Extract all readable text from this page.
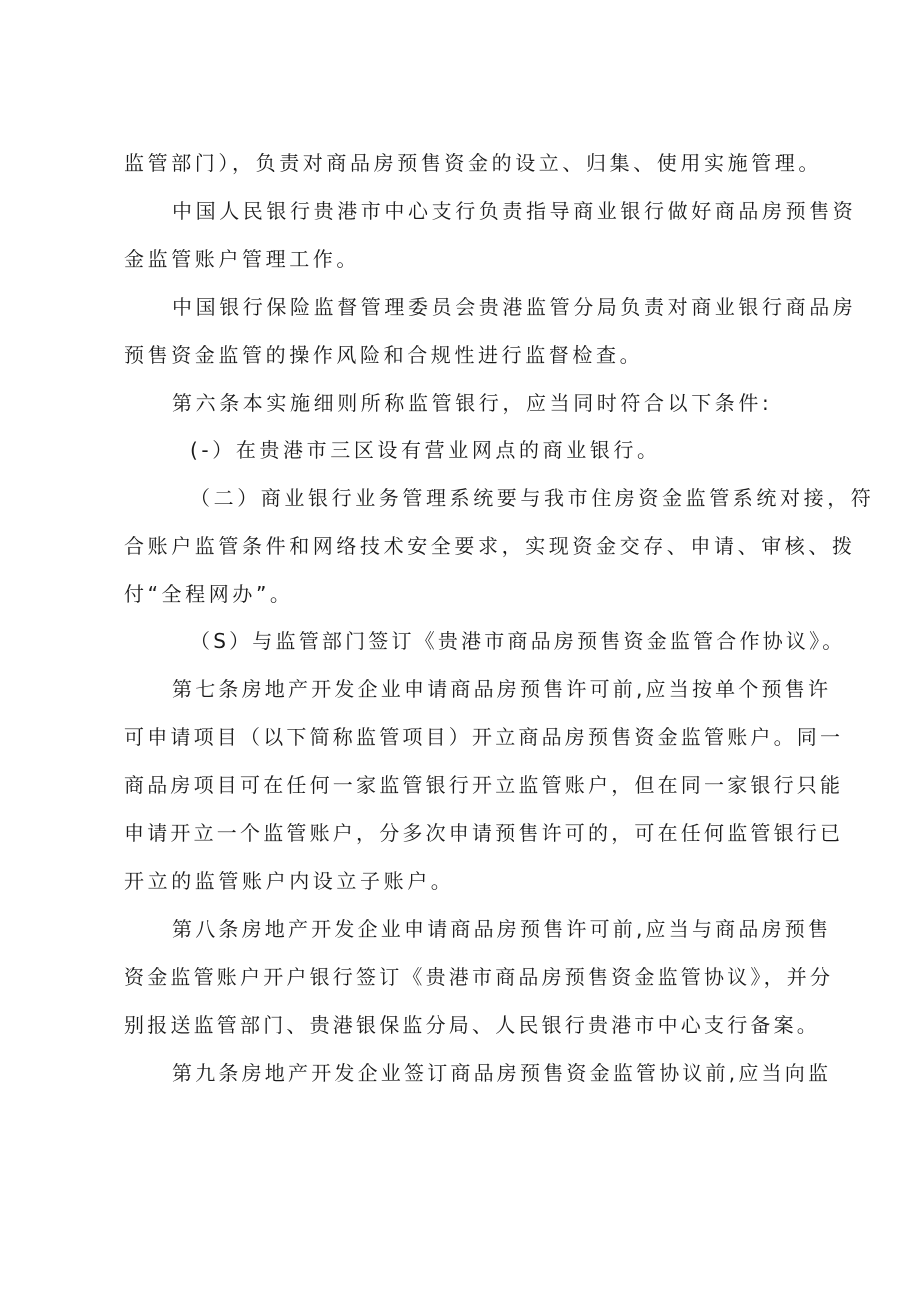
监管部门），负责对商品房预售资金的设立、归集、使用实施管理。
中国人民银行贵港市中心支行负责指导商业银行做好商品房预售资
金监管账户管理工作。
中国银行保险监督管理委员会贵港监管分局负责对商业银行商品房
预售资金监管的操作风险和合规性进行监督检查。
第六条本实施细则所称监管银行，应当同时符合以下条件:
(-）在贵港市三区设有营业网点的商业银行。
（二）商业银行业务管理系统要与我市住房资金监管系统对接，符
合账户监管条件和网络技术安全要求，实现资金交存、申请、审核、拨
付“全程网办”。
（S）与监管部门签订《贵港市商品房预售资金监管合作协议》。
第七条房地产开发企业申请商品房预售许可前,应当按单个预售许
可申请项目（以下简称监管项目）开立商品房预售资金监管账户。同一
商品房项目可在任何一家监管银行开立监管账户，但在同一家银行只能
申请开立一个监管账户，分多次申请预售许可的，可在任何监管银行已
开立的监管账户内设立子账户。
第八条房地产开发企业申请商品房预售许可前,应当与商品房预售
资金监管账户开户银行签订《贵港市商品房预售资金监管协议》，并分
别报送监管部门、贵港银保监分局、人民银行贵港市中心支行备案。
第九条房地产开发企业签订商品房预售资金监管协议前,应当向监
